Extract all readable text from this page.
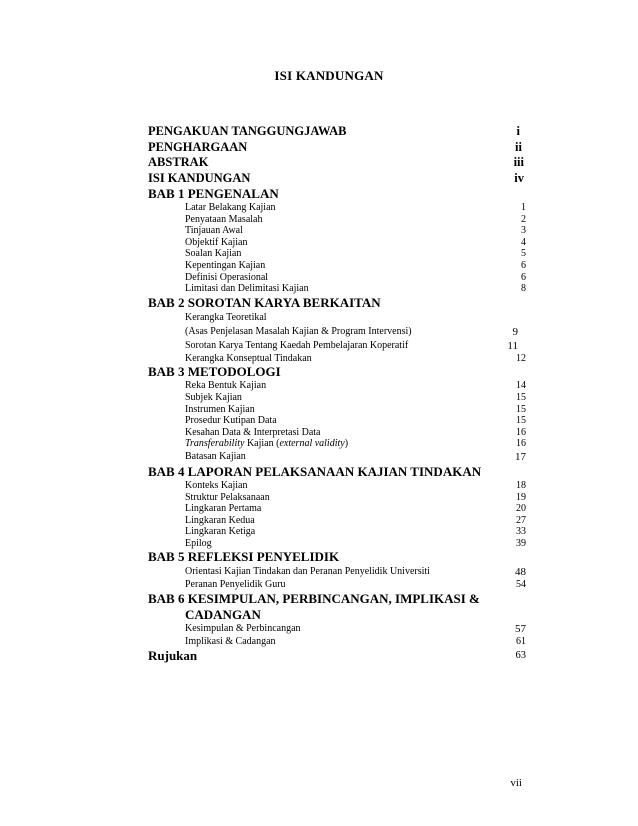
ISI KANDUNGAN
PENGAKUAN TANGGUNGJAWAB	i
PENGHARGAAN	ii
ABSTRAK	iii
ISI KANDUNGAN	iv
BAB 1 PENGENALAN
Latar Belakang Kajian	1
Penyataan Masalah	2
Tinjauan Awal	3
Objektif Kajian	4
Soalan Kajian	5
Kepentingan Kajian	6
Definisi Operasional	6
Limitasi dan Delimitasi Kajian	8
BAB 2 SOROTAN KARYA BERKAITAN
Kerangka Teoretikal
(Asas Penjelasan Masalah Kajian & Program Intervensi)	9
Sorotan Karya Tentang Kaedah Pembelajaran Koperatif	11
Kerangka Konseptual Tindakan	12
BAB 3 METODOLOGI
Reka Bentuk Kajian	14
Subjek Kajian	15
Instrumen Kajian	15
Prosedur Kutipan Data	15
Kesahan Data & Interpretasi Data	16
Transferability Kajian (external validity)	16
Batasan Kajian	17
BAB 4 LAPORAN PELAKSANAAN KAJIAN TINDAKAN
Konteks Kajian	18
Struktur Pelaksanaan	19
Lingkaran Pertama	20
Lingkaran Kedua	27
Lingkaran Ketiga	33
Epilog	39
BAB 5 REFLEKSI PENYELIDIK
Orientasi Kajian Tindakan dan Peranan Penyelidik Universiti	48
Peranan Penyelidik Guru	54
BAB 6 KESIMPULAN, PERBINCANGAN, IMPLIKASI &
CADANGAN
Kesimpulan & Perbincangan	57
Implikasi & Cadangan	61
Rujukan	63
vii
